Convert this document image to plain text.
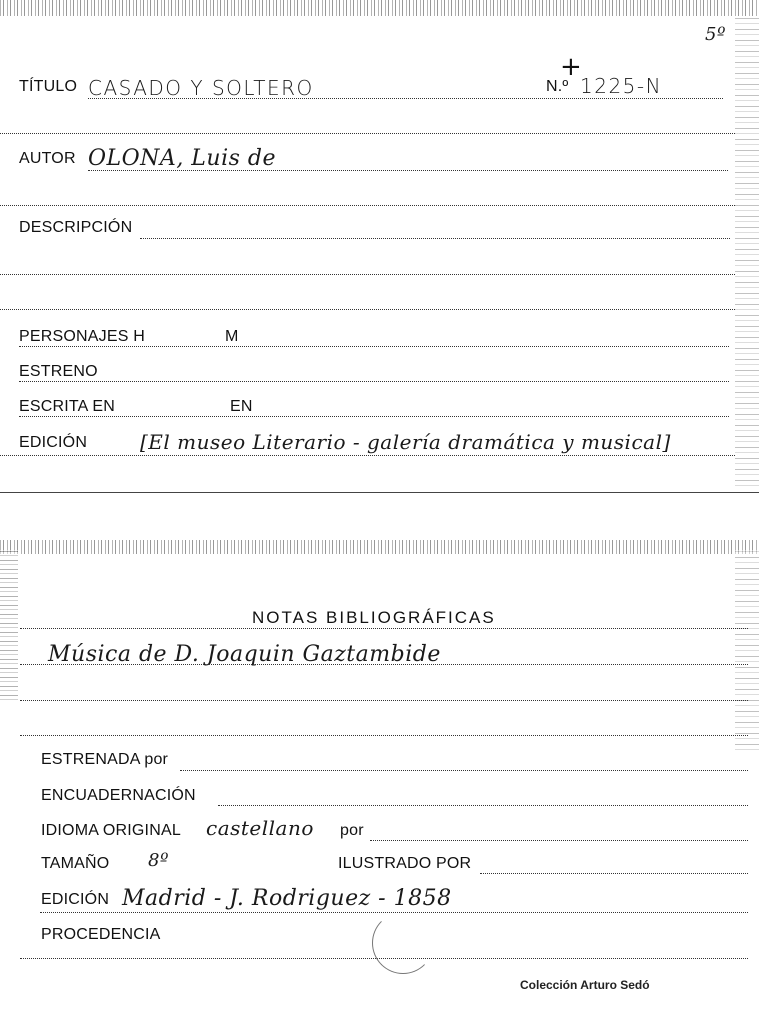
5º
+
TÍTULO CASADO Y SOLTERO	N.º 1225-N
AUTOR OLONA, Luis de
DESCRIPCIÓN
PERSONAJES H	M
ESTRENO
ESCRITA EN	EN
EDICIÓN	[El museo Literario - galería dramática y musical]
NOTAS BIBLIOGRÁFICAS
Música de D. Joaquin Gaztambide
ESTRENADA por
ENCUADERNACIÓN
IDIOMA ORIGINAL castellano por
TAMAÑO 8º	ILUSTRADO POR
EDICIÓN Madrid - J. Rodriguez - 1858
PROCEDENCIA
Colección Arturo Sedó
